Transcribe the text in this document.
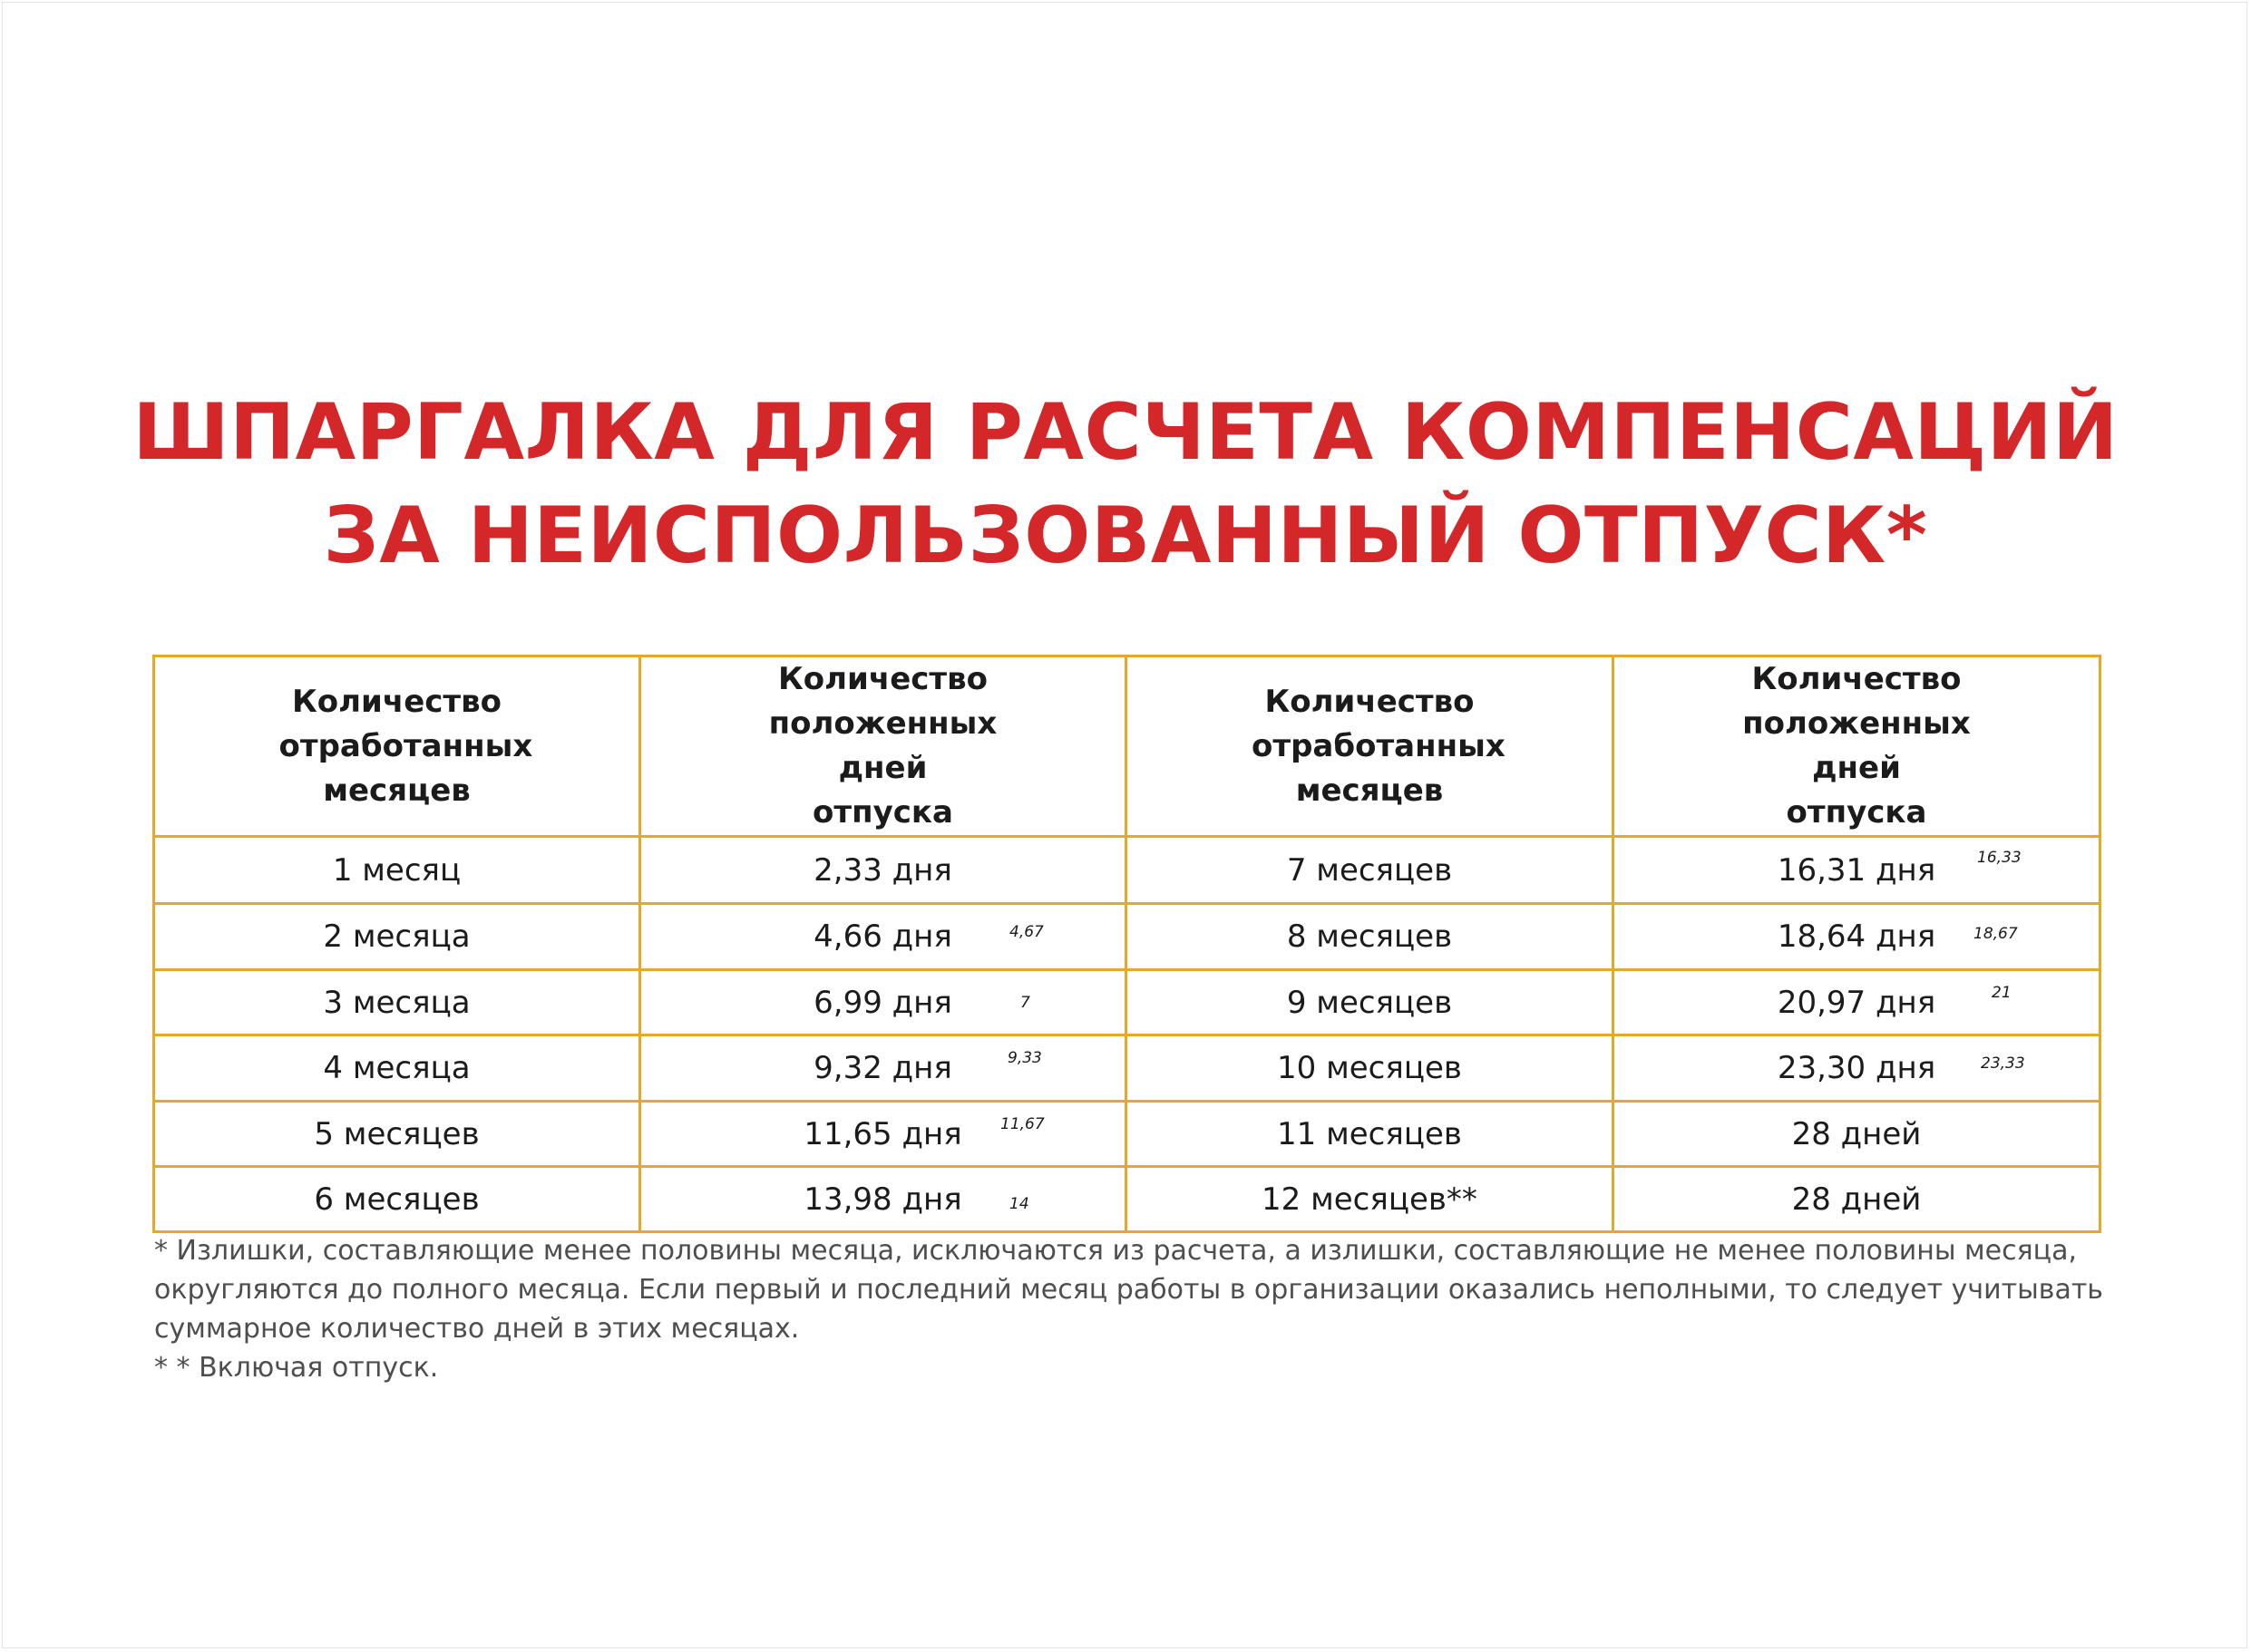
ШПАРГАЛКА ДЛЯ РАСЧЕТА КОМПЕНСАЦИЙ
ЗА НЕИСПОЛЬЗОВАННЫЙ ОТПУСК*
Количество отработанных месяцев	Количество положенных дней отпуска	Количество отработанных месяцев	Количество положенных дней отпуска

1 месяц	2,33 дня	7 месяцев	16,31 дня 16,33

2 месяца	4,66 дня 4,67	8 месяцев	18,64 дня 18,67

3 месяца	6,99 дня 7	9 месяцев	20,97 дня 21

4 месяца	9,32 дня 9,33	10 месяцев	23,30 дня 23,33

5 месяцев	11,65 дня 11,67	11 месяцев	28 дней
6 месяцев	13,98 дня 14	12 месяцев**	28 дней

* Излишки, составляющие менее половины месяца, исключаются из расчета, а излишки, составляющие не менее половины месяца, округляются до полного месяца. Если первый и последний месяц работы в организации оказались неполными, то следует учитывать суммарное количество дней в этих месяцах.

* * Включая отпуск.
